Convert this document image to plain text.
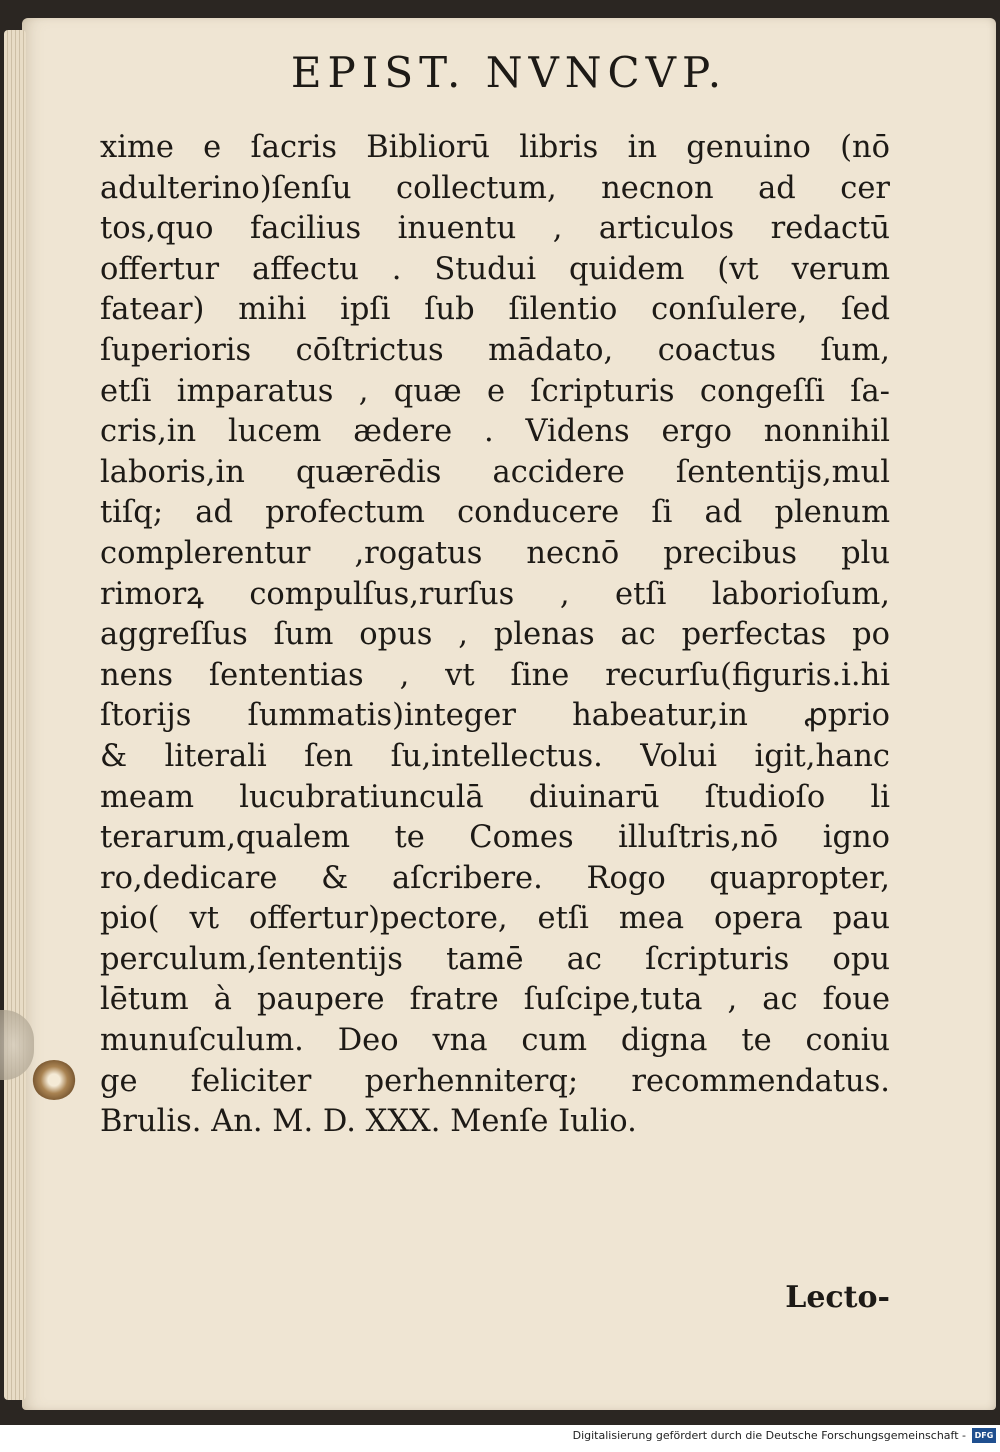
EPIST. NVNCVP.
xime e ſacris Bibliorū libris in genuino (nō
adulterino)ſenſu collectum, necnon ad cer
tos,quo facilius inuentu , articulos redactū
offertur affectu . Studui quidem (vt verum
fatear) mihi ipſi ſub ſilentio conſulere, ſed
ſuperioris cōſtrictus mādato, coactus ſum,
etſi imparatus , quæ e ſcripturis congeſſi ſa-
cris,in lucem ædere . Videns ergo nonnihil
laboris,in quærēdis accidere ſententijs,mul
tiſq; ad profectum conducere ſi ad plenum
complerentur ,rogatus necnō precibus plu
rimorꝝ compulſus,rurſus , etſi laborioſum,
aggreſſus ſum opus , plenas ac perfectas po
nens ſententias , vt ſine recurſu(figuris.i.hi
ſtorijs ſummatis)integer habeatur,in ꝓprio
& literali ſen ſu,intellectus. Volui igit,hanc
meam lucubratiunculā diuinarū ſtudioſo li
terarum,qualem te Comes illuſtris,nō igno
ro,dedicare & aſcribere. Rogo quapropter,
pio( vt offertur)pectore, etſi mea opera pau
perculum,ſententijs tamē ac ſcripturis opu
lētum à paupere fratre ſuſcipe,tuta , ac foue
munuſculum. Deo vna cum digna te coniu
ge feliciter perhenniterq; recommendatus.
Brulis. An. M. D. XXX. Menſe Iulio.
Lecto-
Digitalisierung gefördert durch die Deutsche Forschungsgemeinschaft -	DFG
